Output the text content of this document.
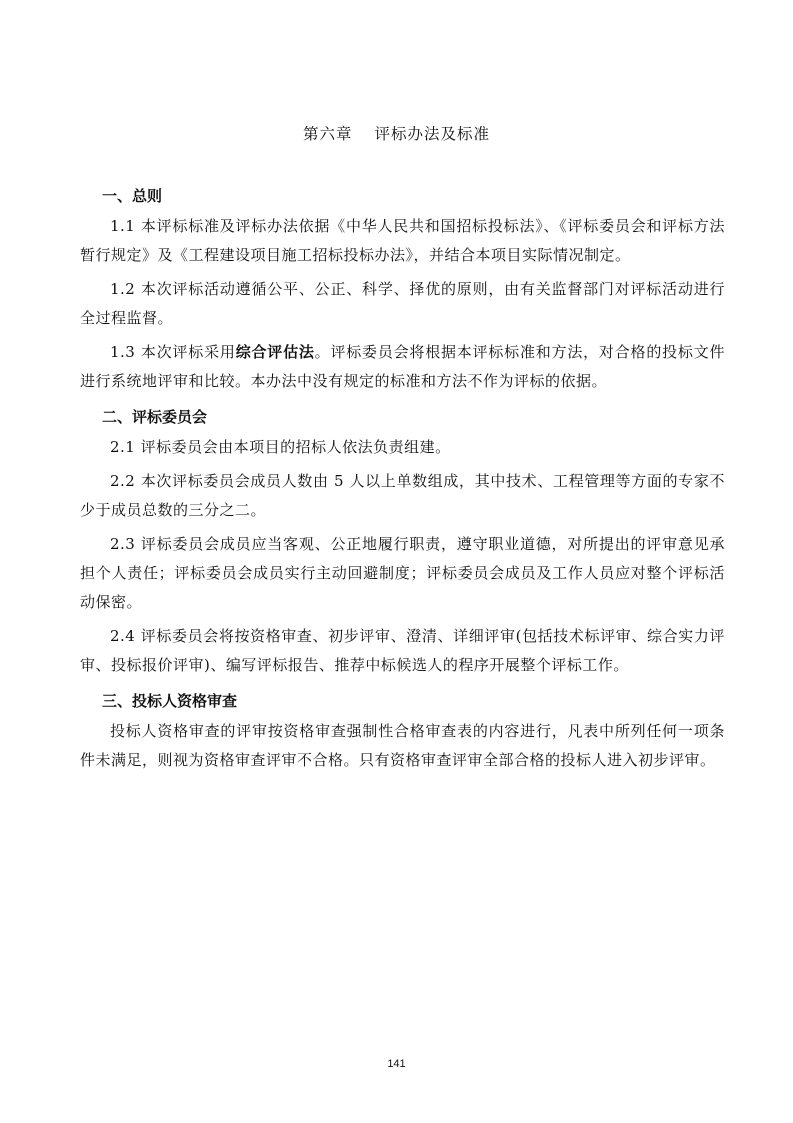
第六章 评标办法及标准
一、总则

1.1 本评标标准及评标办法依据《中华人民共和国招标投标法》、《评标委员会和评标方法暂行规定》及《工程建设项目施工招标投标办法》，并结合本项目实际情况制定。

1.2 本次评标活动遵循公平、公正、科学、择优的原则，由有关监督部门对评标活动进行全过程监督。

1.3 本次评标采用综合评估法。评标委员会将根据本评标标准和方法，对合格的投标文件进行系统地评审和比较。本办法中没有规定的标准和方法不作为评标的依据。

二、评标委员会

2.1 评标委员会由本项目的招标人依法负责组建。

2.2 本次评标委员会成员人数由 5 人以上单数组成，其中技术、工程管理等方面的专家不少于成员总数的三分之二。

2.3 评标委员会成员应当客观、公正地履行职责，遵守职业道德，对所提出的评审意见承担个人责任；评标委员会成员实行主动回避制度；评标委员会成员及工作人员应对整个评标活动保密。

2.4 评标委员会将按资格审查、初步评审、澄清、详细评审(包括技术标评审、综合实力评审、投标报价评审)、编写评标报告、推荐中标候选人的程序开展整个评标工作。

三、投标人资格审查

投标人资格审查的评审按资格审查强制性合格审查表的内容进行，凡表中所列任何一项条件未满足，则视为资格审查评审不合格。只有资格审查评审全部合格的投标人进入初步评审。

141
